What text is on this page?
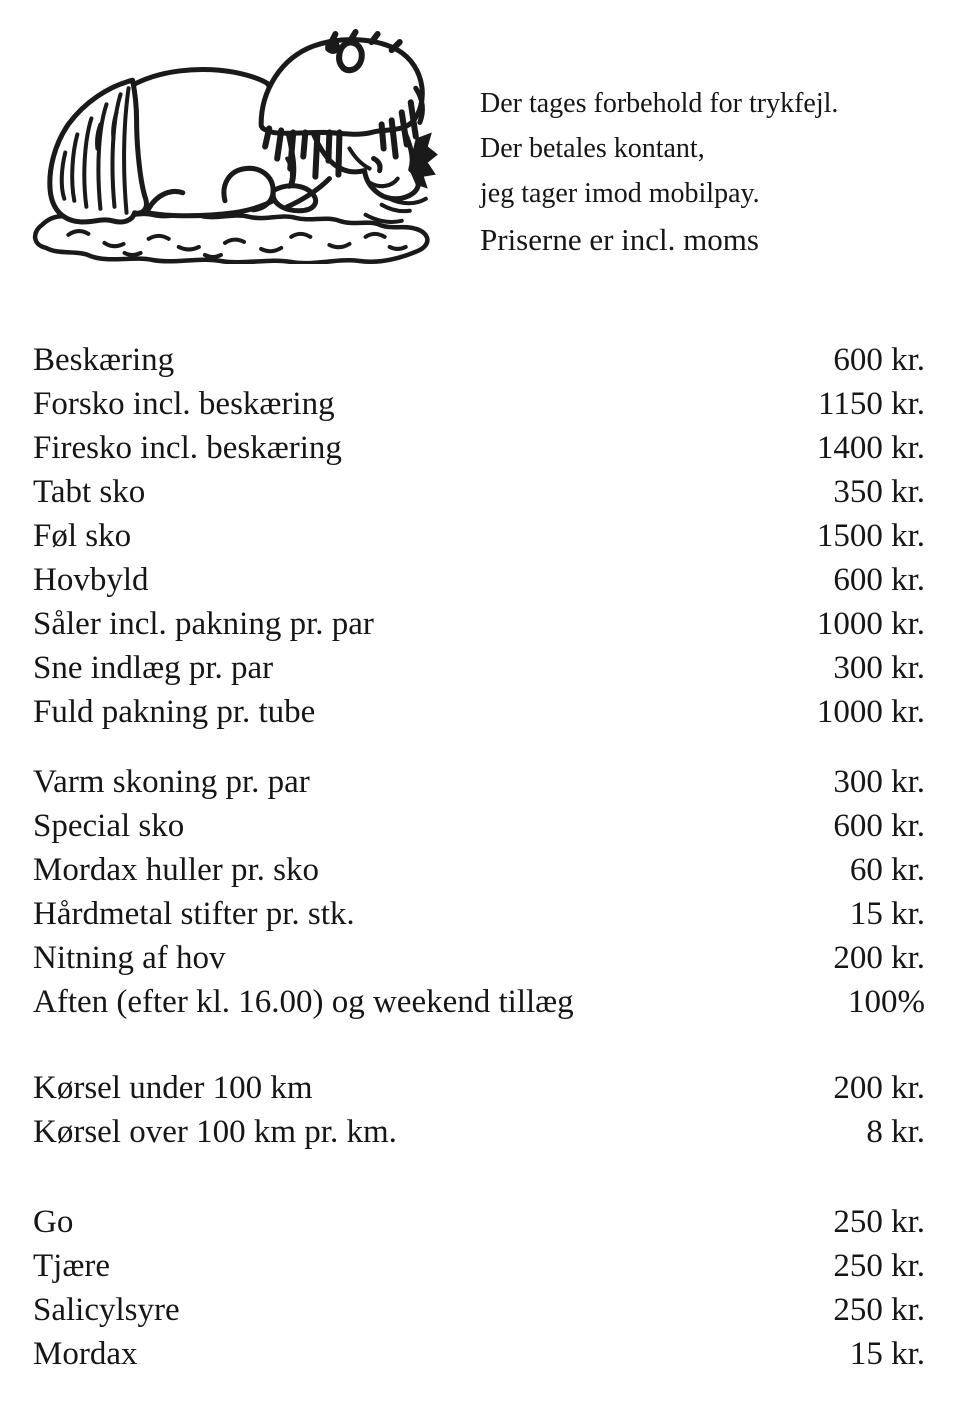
Der tages forbehold for trykfejl.
Der betales kontant,
jeg tager imod mobilpay.
Priserne er incl. moms
Beskæring	600 kr.
Forsko incl. beskæring	1150 kr.
Firesko incl. beskæring	1400 kr.
Tabt sko	350 kr.
Føl sko	1500 kr.
Hovbyld	600 kr.
Såler incl. pakning pr. par	1000 kr.
Sne indlæg pr. par	300 kr.
Fuld pakning pr. tube	1000 kr.
Varm skoning pr. par	300 kr.
Special sko	600 kr.
Mordax huller pr. sko	60 kr.
Hårdmetal stifter pr. stk.	15 kr.
Nitning af hov	200 kr.
Aften (efter kl. 16.00) og weekend tillæg	100%
Kørsel under 100 km	200 kr.
Kørsel over 100 km pr. km.	8 kr.
Go	250 kr.
Tjære	250 kr.
Salicylsyre	250 kr.
Mordax	15 kr.
